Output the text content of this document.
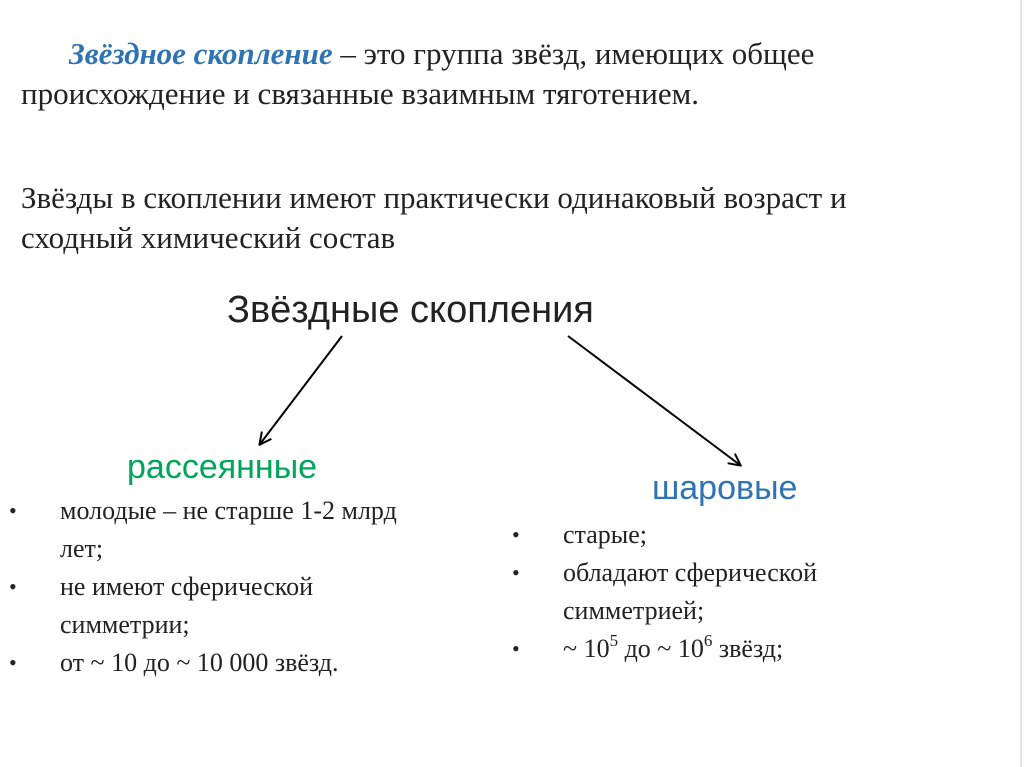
Звёздное скопление – это группа звёзд, имеющих общее происхождение и связанные взаимным тяготением.

Звёзды в скоплении имеют практически одинаковый возраст и сходный химический состав

Звёздные скопления
рассеянные
• молодые – не старше 1-2 млрд лет;
• не имеют сферической симметрии;
• от ~ 10 до ~ 10 000 звёзд.
шаровые
• старые;
• обладают сферической симметрией;
• ~ $10^5$ до ~ $10^6$ звёзд;
